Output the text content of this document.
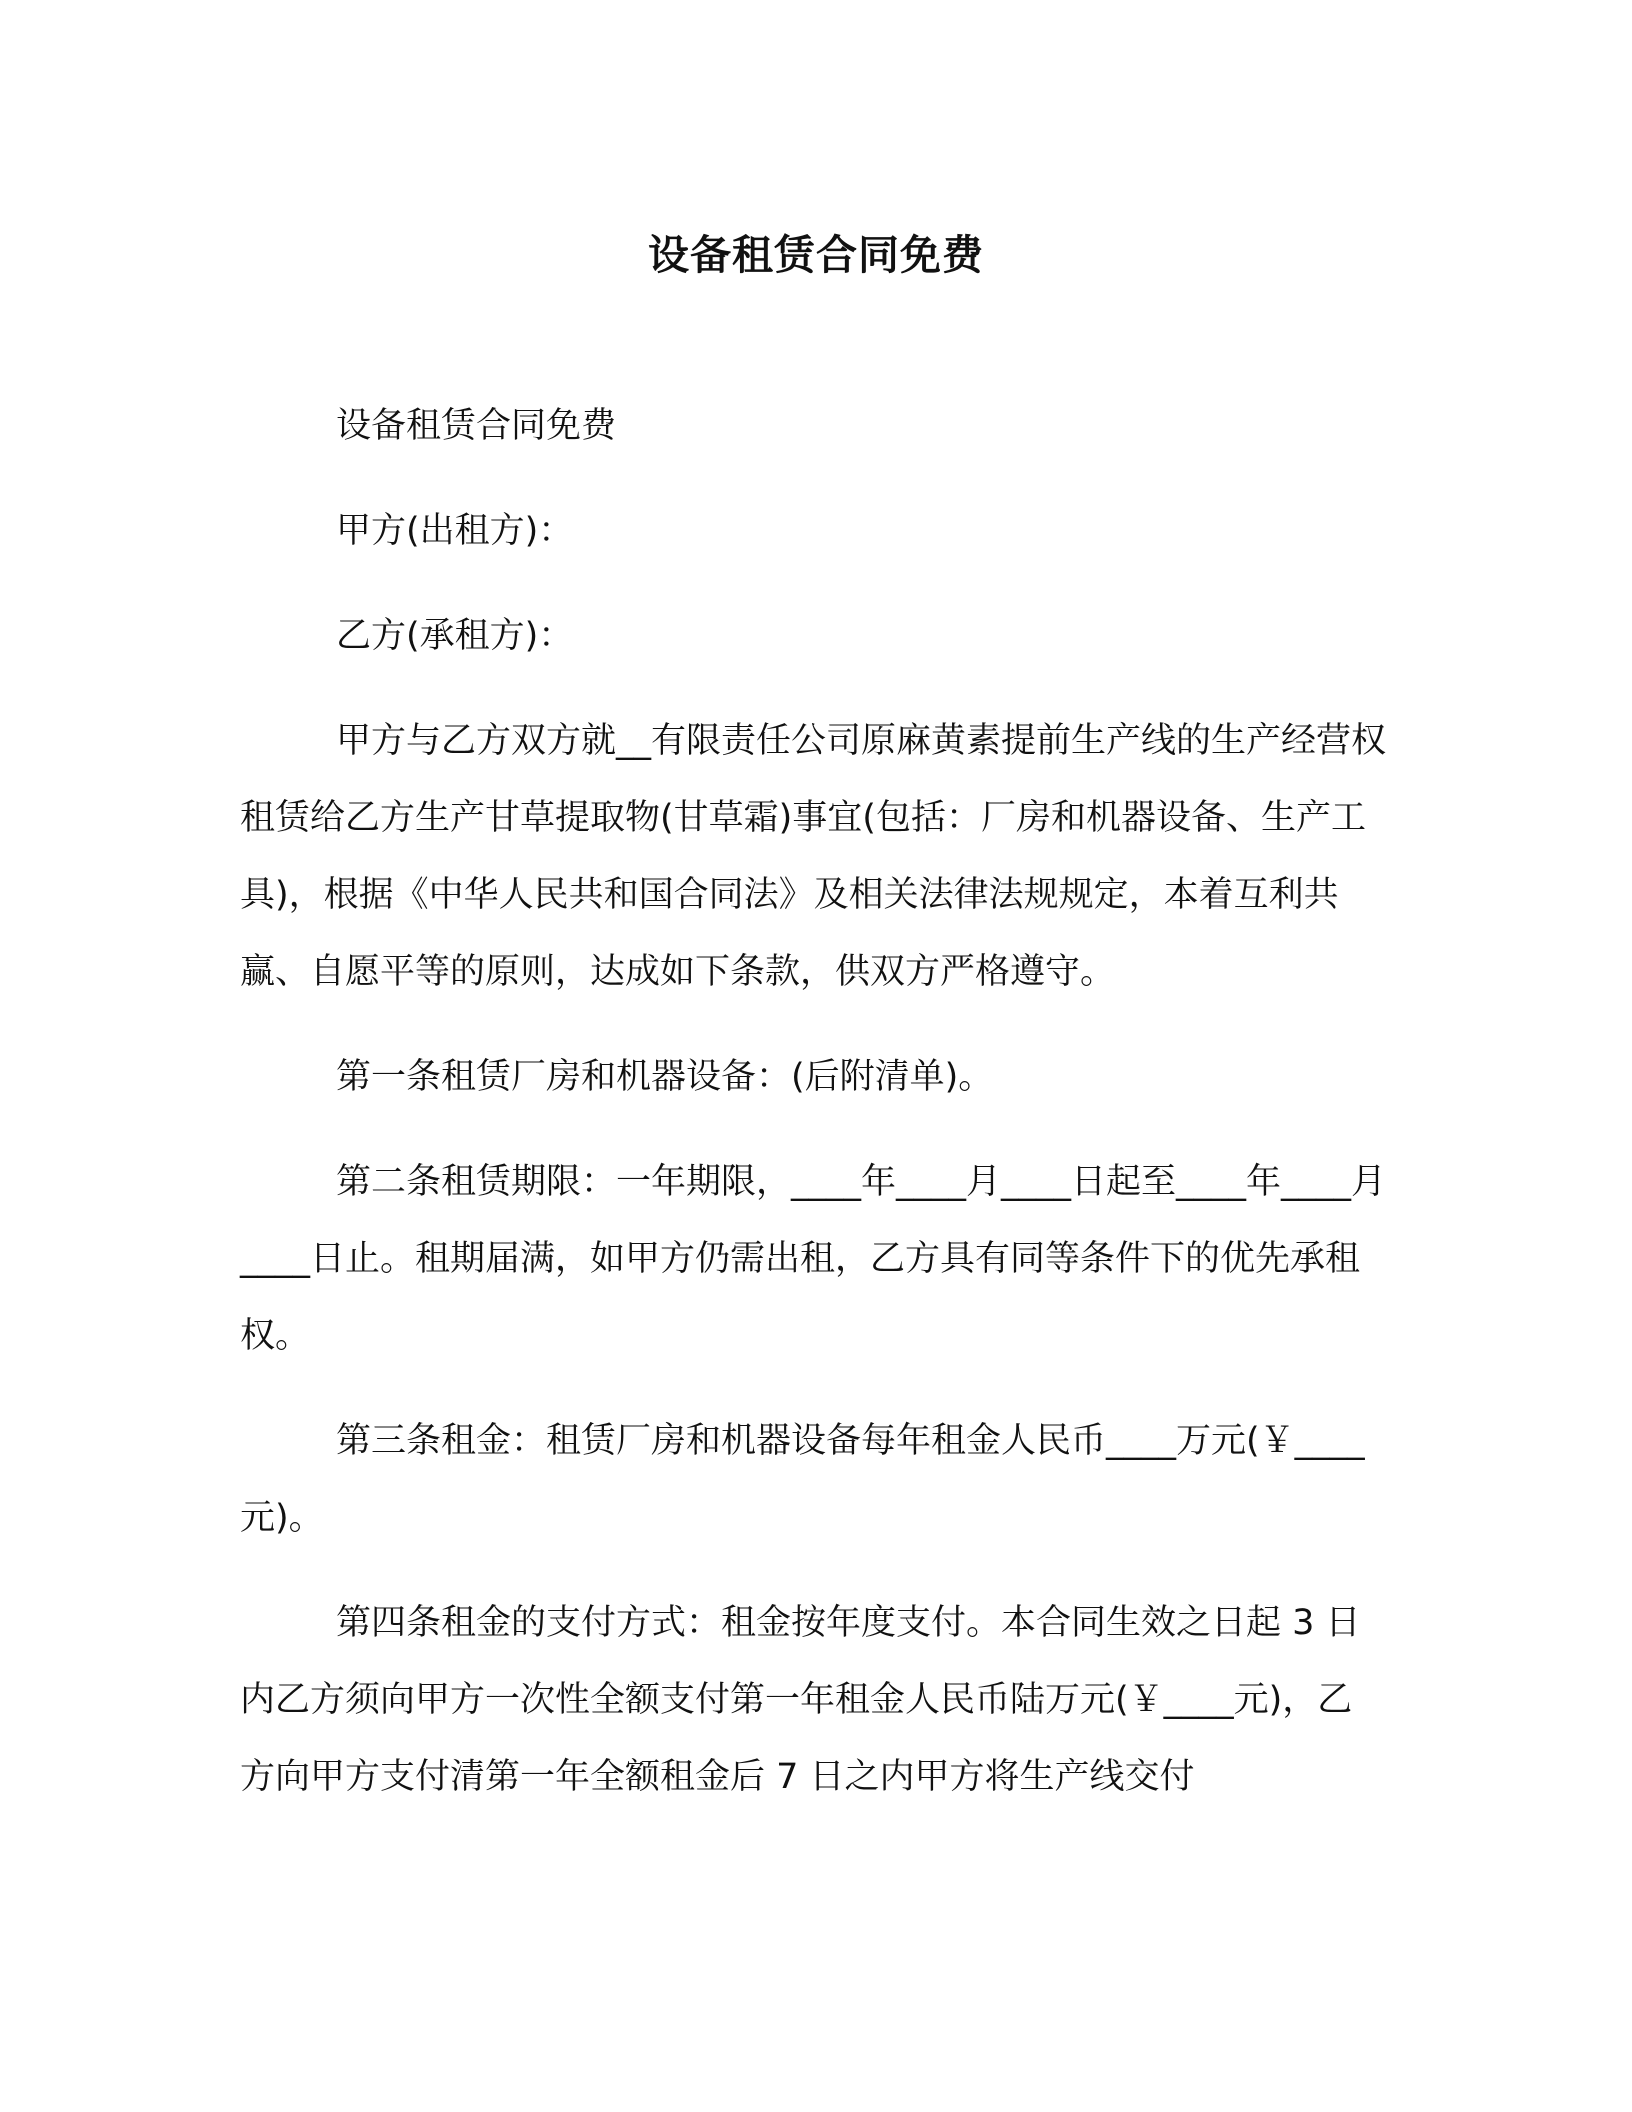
设备租赁合同免费

设备租赁合同免费

甲方(出租方)：

乙方(承租方)：

甲方与乙方双方就__有限责任公司原麻黄素提前生产线的生产经营权租赁给乙方生产甘草提取物(甘草霜)事宜(包括：厂房和机器设备、生产工具)，根据《中华人民共和国合同法》及相关法律法规规定，本着互利共赢、自愿平等的原则，达成如下条款，供双方严格遵守。

第一条租赁厂房和机器设备：(后附清单)。

第二条租赁期限：一年期限，____年____月____日起至____年____月____日止。租期届满，如甲方仍需出租，乙方具有同等条件下的优先承租权。

第三条租金：租赁厂房和机器设备每年租金人民币____万元(￥____元)。

第四条租金的支付方式：租金按年度支付。本合同生效之日起 3 日内乙方须向甲方一次性全额支付第一年租金人民币陆万元(￥____元)，乙方向甲方支付清第一年全额租金后 7 日之内甲方将生产线交付
